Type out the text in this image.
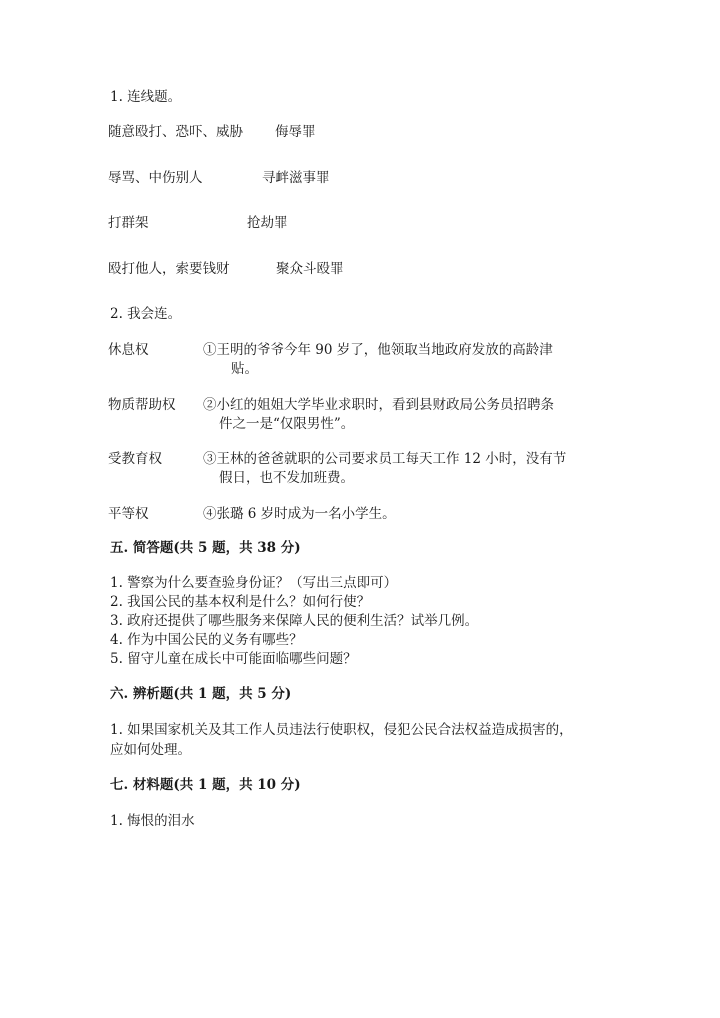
1. 连线题。
随意殴打、恐吓、威胁 侮辱罪
辱骂、中伤别人	寻衅滋事罪
打群架	抢劫罪
殴打他人，索要钱财	聚众斗殴罪
2. 我会连。
休息权	①王明的爷爷今年 90 岁了，他领取当地政府发放的高龄津
贴。
物质帮助权 ②小红的姐姐大学毕业求职时，看到县财政局公务员招聘条
件之一是“仅限男性”。
受教育权	③王林的爸爸就职的公司要求员工每天工作 12 小时，没有节
假日，也不发加班费。
平等权	④张璐 6 岁时成为一名小学生。
五. 简答题(共 5 题，共 38 分)
1. 警察为什么要查验身份证？（写出三点即可）
2. 我国公民的基本权利是什么？如何行使？
3. 政府还提供了哪些服务来保障人民的便利生活？试举几例。
4. 作为中国公民的义务有哪些？
5. 留守儿童在成长中可能面临哪些问题？
六. 辨析题(共 1 题，共 5 分)
1. 如果国家机关及其工作人员违法行使职权，侵犯公民合法权益造成损害的，
应如何处理。
七. 材料题(共 1 题，共 10 分)
1. 悔恨的泪水
